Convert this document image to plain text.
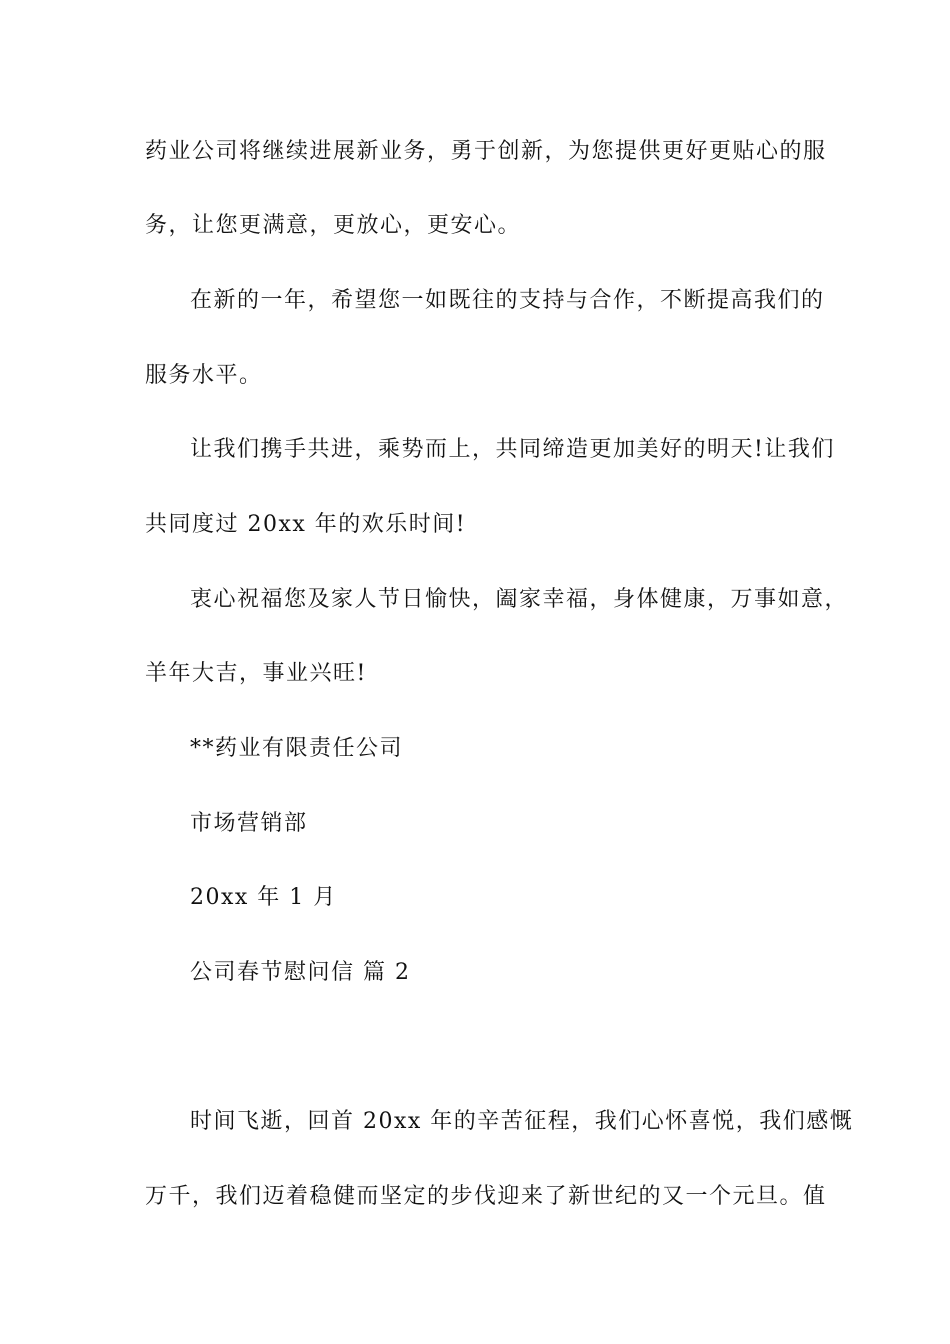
药业公司将继续进展新业务，勇于创新，为您提供更好更贴心的服
务，让您更满意，更放心，更安心。
在新的一年，希望您一如既往的支持与合作，不断提高我们的
服务水平。
让我们携手共进，乘势而上，共同缔造更加美好的明天!让我们
共同度过 20xx 年的欢乐时间!
衷心祝福您及家人节日愉快，阖家幸福，身体健康，万事如意，
羊年大吉，事业兴旺!
**药业有限责任公司
市场营销部
20xx 年 1 月
公司春节慰问信 篇 2
时间飞逝，回首 20xx 年的辛苦征程，我们心怀喜悦，我们感慨
万千，我们迈着稳健而坚定的步伐迎来了新世纪的又一个元旦。值
